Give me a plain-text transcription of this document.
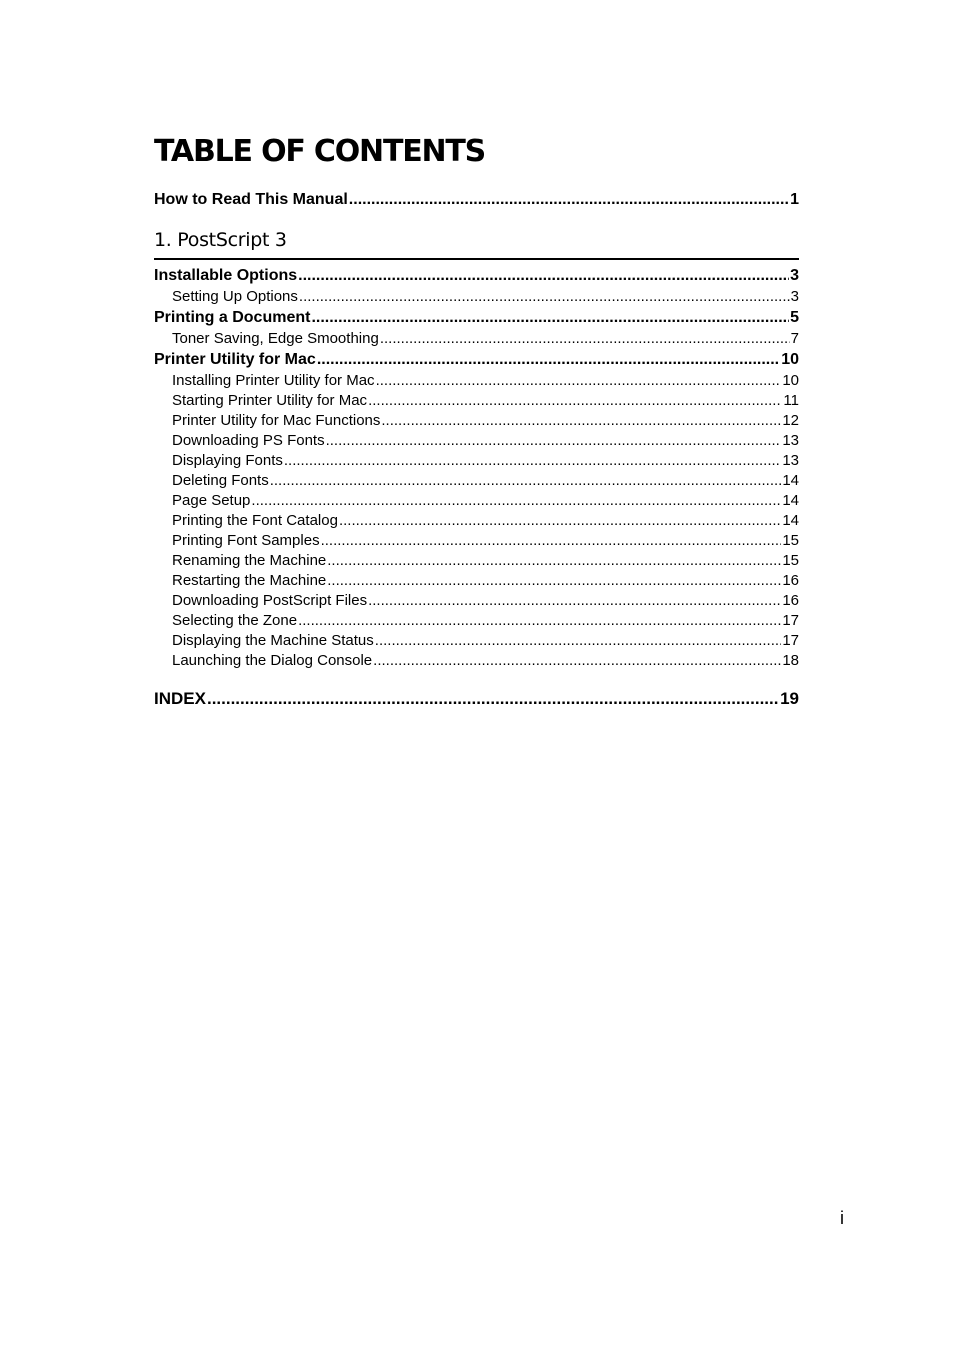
TABLE OF CONTENTS
How to Read This Manual .....	1
1. PostScript 3
Installable Options .....	3
Setting Up Options .....	3
Printing a Document .....	5
Toner Saving, Edge Smoothing .....	7
Printer Utility for Mac .....	10
Installing Printer Utility for Mac .....	10
Starting Printer Utility for Mac .....	11
Printer Utility for Mac Functions .....	12
Downloading PS Fonts .....	13
Displaying Fonts .....	13
Deleting Fonts .....	14
Page Setup .....	14
Printing the Font Catalog .....	14
Printing Font Samples .....	15
Renaming the Machine .....	15
Restarting the Machine .....	16
Downloading PostScript Files .....	16
Selecting the Zone .....	17
Displaying the Machine Status .....	17
Launching the Dialog Console .....	18
INDEX .....	19
i
